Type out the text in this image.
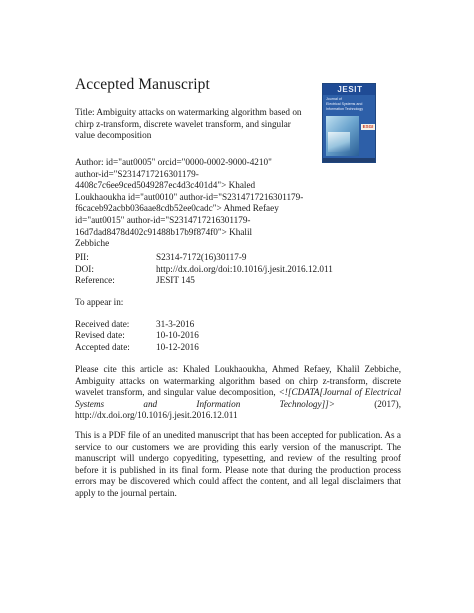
Accepted Manuscript	JESIT
Journal of
Electrical Systems and
Information Technology
ESGI
Title: Ambiguity attacks on watermarking algorithm based on
chirp z-transform, discrete wavelet transform, and singular
value decomposition
Author: id="aut0005" orcid="0000-0002-9000-4210"
author-id="S2314717216301179-
4408c7c6ee9ced5049287ec4d3c401d4"> Khaled
Loukhaoukha id="aut0010" author-id="S2314717216301179-
f6caceb92acbb036aae8cdb52ee0cadc"> Ahmed Refaey
id="aut0015" author-id="S2314717216301179-
16d7dad8478d402c91488b17b9f874f0"> Khalil
Zebbiche
PII:	S2314-7172(16)30117-9
DOI:	http://dx.doi.org/doi:10.1016/j.jesit.2016.12.011
Reference:	JESIT 145
To appear in:
Received date:	31-3-2016
Revised date:	10-10-2016
Accepted date:	10-12-2016
Please cite this article as: Khaled Loukhaoukha, Ahmed Refaey, Khalil Zebbiche, Ambiguity attacks on watermarking algorithm based on chirp z-transform, discrete wavelet transform, and singular value decomposition, <![CDATA[Journal of Electrical Systems and Information Technology]]> (2017), http://dx.doi.org/10.1016/j.jesit.2016.12.011
This is a PDF file of an unedited manuscript that has been accepted for publication. As a service to our customers we are providing this early version of the manuscript. The manuscript will undergo copyediting, typesetting, and review of the resulting proof before it is published in its final form. Please note that during the production process errors may be discovered which could affect the content, and all legal disclaimers that apply to the journal pertain.
